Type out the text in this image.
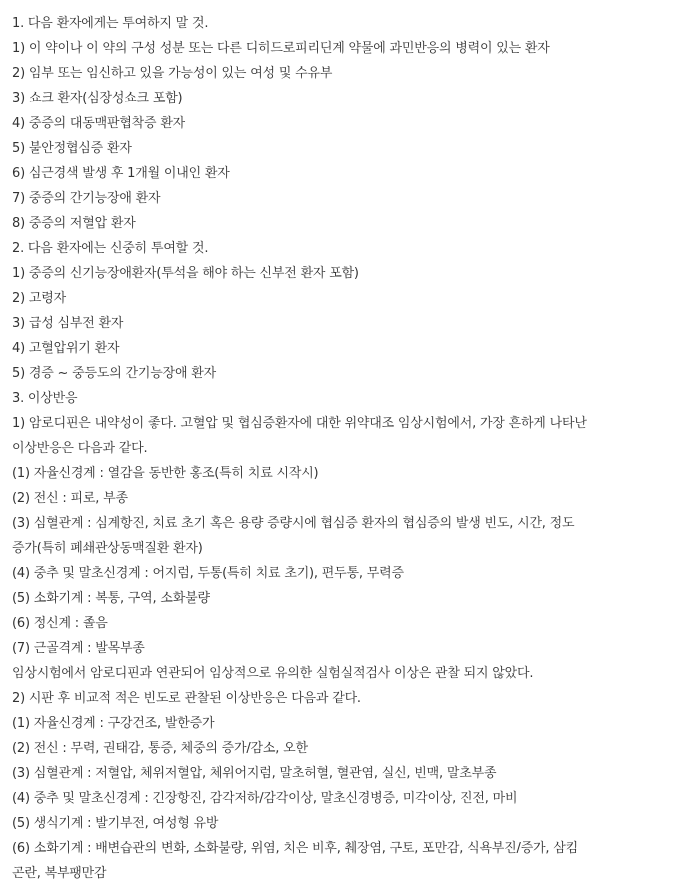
1. 다음 환자에게는 투여하지 말 것.
1) 이 약이나 이 약의 구성 성분 또는 다른 디히드로피리딘계 약물에 과민반응의 병력이 있는 환자
2) 임부 또는 임신하고 있을 가능성이 있는 여성 및 수유부
3) 쇼크 환자(심장성쇼크 포함)
4) 중증의 대동맥판협착증 환자
5) 불안정협심증 환자
6) 심근경색 발생 후 1개월 이내인 환자
7) 중증의 간기능장애 환자
8) 중증의 저혈압 환자
2. 다음 환자에는 신중히 투여할 것.
1) 중증의 신기능장애환자(투석을 해야 하는 신부전 환자 포함)
2) 고령자
3) 급성 심부전 환자
4) 고혈압위기 환자
5) 경증 ~ 중등도의 간기능장애 환자
3. 이상반응
1) 암로디핀은 내약성이 좋다. 고혈압 및 협심증환자에 대한 위약대조 임상시험에서, 가장 흔하게 나타난
이상반응은 다음과 같다.
(1) 자율신경계 : 열감을 동반한 홍조(특히 치료 시작시)
(2) 전신 : 피로, 부종
(3) 심혈관계 : 심계항진, 치료 초기 혹은 용량 증량시에 협심증 환자의 협심증의 발생 빈도, 시간, 정도
증가(특히 폐쇄관상동맥질환 환자)
(4) 중추 및 말초신경계 : 어지럼, 두통(특히 치료 초기), 편두통, 무력증
(5) 소화기계 : 복통, 구역, 소화불량
(6) 정신계 : 졸음
(7) 근골격계 : 발목부종
임상시험에서 암로디핀과 연관되어 임상적으로 유의한 실험실적검사 이상은 관찰 되지 않았다.
2) 시판 후 비교적 적은 빈도로 관찰된 이상반응은 다음과 같다.
(1) 자율신경계 : 구강건조, 발한증가
(2) 전신 : 무력, 권태감, 통증, 체중의 증가/감소, 오한
(3) 심혈관계 : 저혈압, 체위저혈압, 체위어지럼, 말초허혈, 혈관염, 실신, 빈맥, 말초부종
(4) 중추 및 말초신경계 : 긴장항진, 감각저하/감각이상, 말초신경병증, 미각이상, 진전, 마비
(5) 생식기계 : 발기부전, 여성형 유방
(6) 소화기계 : 배변습관의 변화, 소화불량, 위염, 치은 비후, 췌장염, 구토, 포만감, 식욕부진/증가, 삼킴
곤란, 복부팽만감
